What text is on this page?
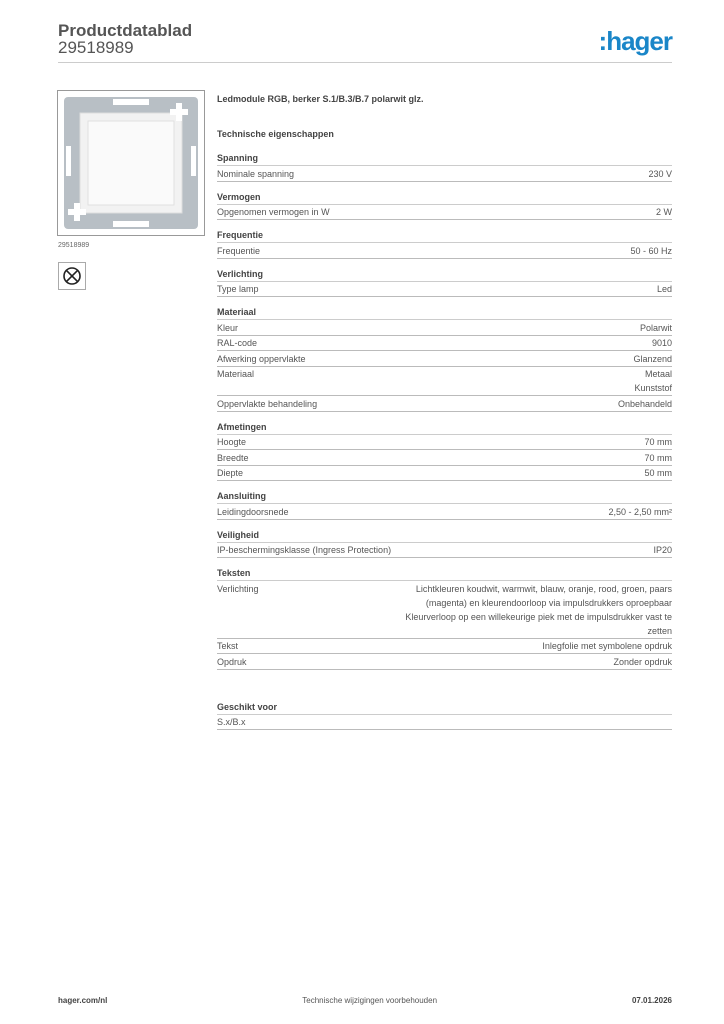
Productdatablad
29518989	:hager
29518989
Ledmodule RGB, berker S.1/B.3/B.7 polarwit glz.
Technische eigenschappen
Spanning
Nominale spanning	230 V
Vermogen
Opgenomen vermogen in W	2 W
Frequentie
Frequentie	50 - 60 Hz
Verlichting
Type lamp	Led
Materiaal
Kleur	Polarwit
RAL-code	9010
Afwerking oppervlakte	Glanzend
Materiaal	Metaal
Kunststof
Oppervlakte behandeling	Onbehandeld
Afmetingen
Hoogte	70 mm
Breedte	70 mm
Diepte	50 mm
Aansluiting
Leidingdoorsnede	2,50 - 2,50 mm²
Veiligheid
IP-beschermingsklasse (Ingress Protection)	IP20
Teksten
Verlichting	Lichtkleuren koudwit, warmwit, blauw, oranje, rood, groen, paars (magenta) en kleurendoorloop via impulsdrukkers oproepbaar
Kleurverloop op een willekeurige piek met de impulsdrukker vast te zetten
Tekst	Inlegfolie met symbolene opdruk
Opdruk	Zonder opdruk
Geschikt voor
S.x/B.x
hager.com/nl	Technische wijzigingen voorbehouden	07.01.2026
